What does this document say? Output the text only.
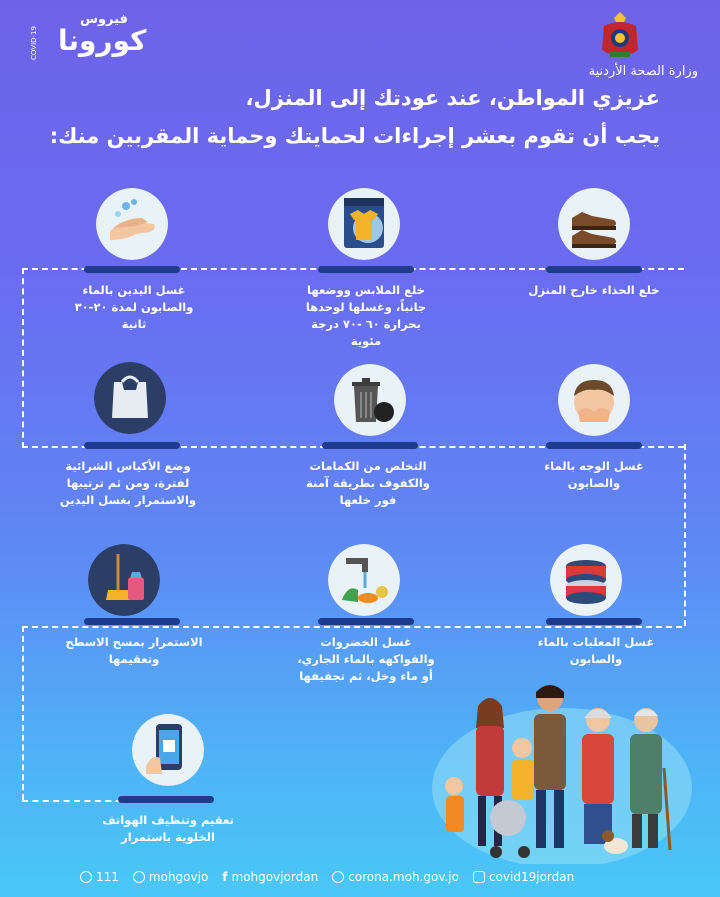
فيروس
كورونا
COVID-19
وزارة الصحة الأردنية
عزيزي المواطن، عند عودتك إلى المنزل،
يجب أن تقوم بعشر إجراءات لحمايتك وحماية المقربين منك:
خلع الحذاء خارج المنزل
خلع الملابس ووضعها جانباً، وغسلها لوحدها بحرارة ٦٠ -٧٠ درجة مئوية
غسل اليدين بالماء والصابون لمدة ٢٠-٣٠ ثانية
غسل الوجه بالماء والصابون
التخلص من الكمامات والكفوف بطريقة آمنة فور خلعها
وضع الأكياس الشرائية لفترة، ومن ثم ترتيبها والاستمرار بغسل اليدين
غسل المعلبات بالماء والصابون
غسل الخضروات والفواكهه بالماء الجاري، أو ماء وخل، ثم تجفيفها
الاستمرار بمسح الاسطح وتعقيمها
تعقيم وتنظيف الهواتف الخلوية باستمرار
111	mohgovjo f mohgovjordan	corona.moh.gov.jo	covid19jordan
